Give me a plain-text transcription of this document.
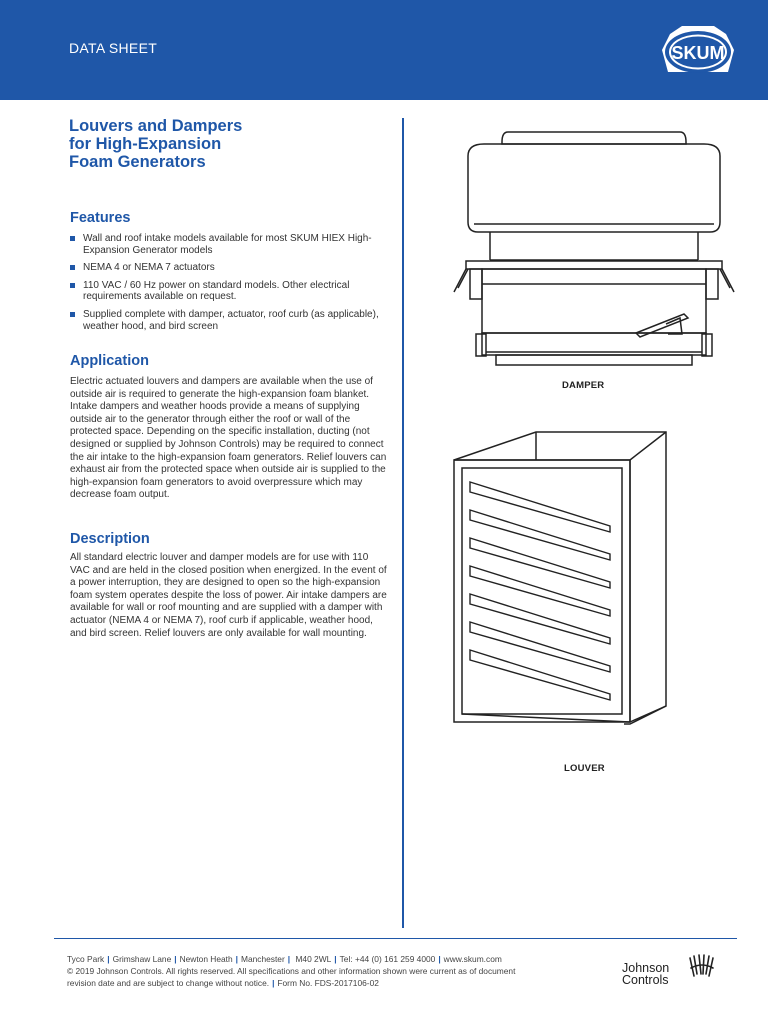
DATA SHEET	SKUM
Louvers and Dampers
for High-Expansion
Foam Generators
Features
Wall and roof intake models available for most SKUM HIEX High-Expansion Generator models
NEMA 4 or NEMA 7 actuators
110 VAC / 60 Hz power on standard models. Other electrical requirements available on request.
Supplied complete with damper, actuator, roof curb (as applicable), weather hood, and bird screen
Application

Electric actuated louvers and dampers are available when the use of outside air is required to generate the high-expansion foam blanket. Intake dampers and weather hoods provide a means of supplying outside air to the generator through either the roof or wall of the protected space. Depending on the specific installation, ducting (not designed or supplied by Johnson Controls) may be required to connect the air intake to the high-expansion foam generators. Relief louvers can exhaust air from the protected space when outside air is supplied to the high-expansion foam generators to avoid overpressure which may decrease foam output.

Description

All standard electric louver and damper models are for use with 110 VAC and are held in the closed position when energized. In the event of a power interruption, they are designed to open so the high-expansion foam system operates despite the loss of power. Air intake dampers are available for wall or roof mounting and are supplied with a damper with actuator (NEMA 4 or NEMA 7), roof curb if applicable, weather hood, and bird screen. Relief louvers are only available for wall mounting.

DAMPER
LOUVER
Tyco Park | Grimshaw Lane | Newton Heath | Manchester | M40 2WL | Tel: +44 (0) 161 259 4000 | www.skum.com
© 2019 Johnson Controls. All rights reserved. All specifications and other information shown were current as of document
revision date and are subject to change without notice. | Form No. FDS-2017106-02
Johnson
Controls
